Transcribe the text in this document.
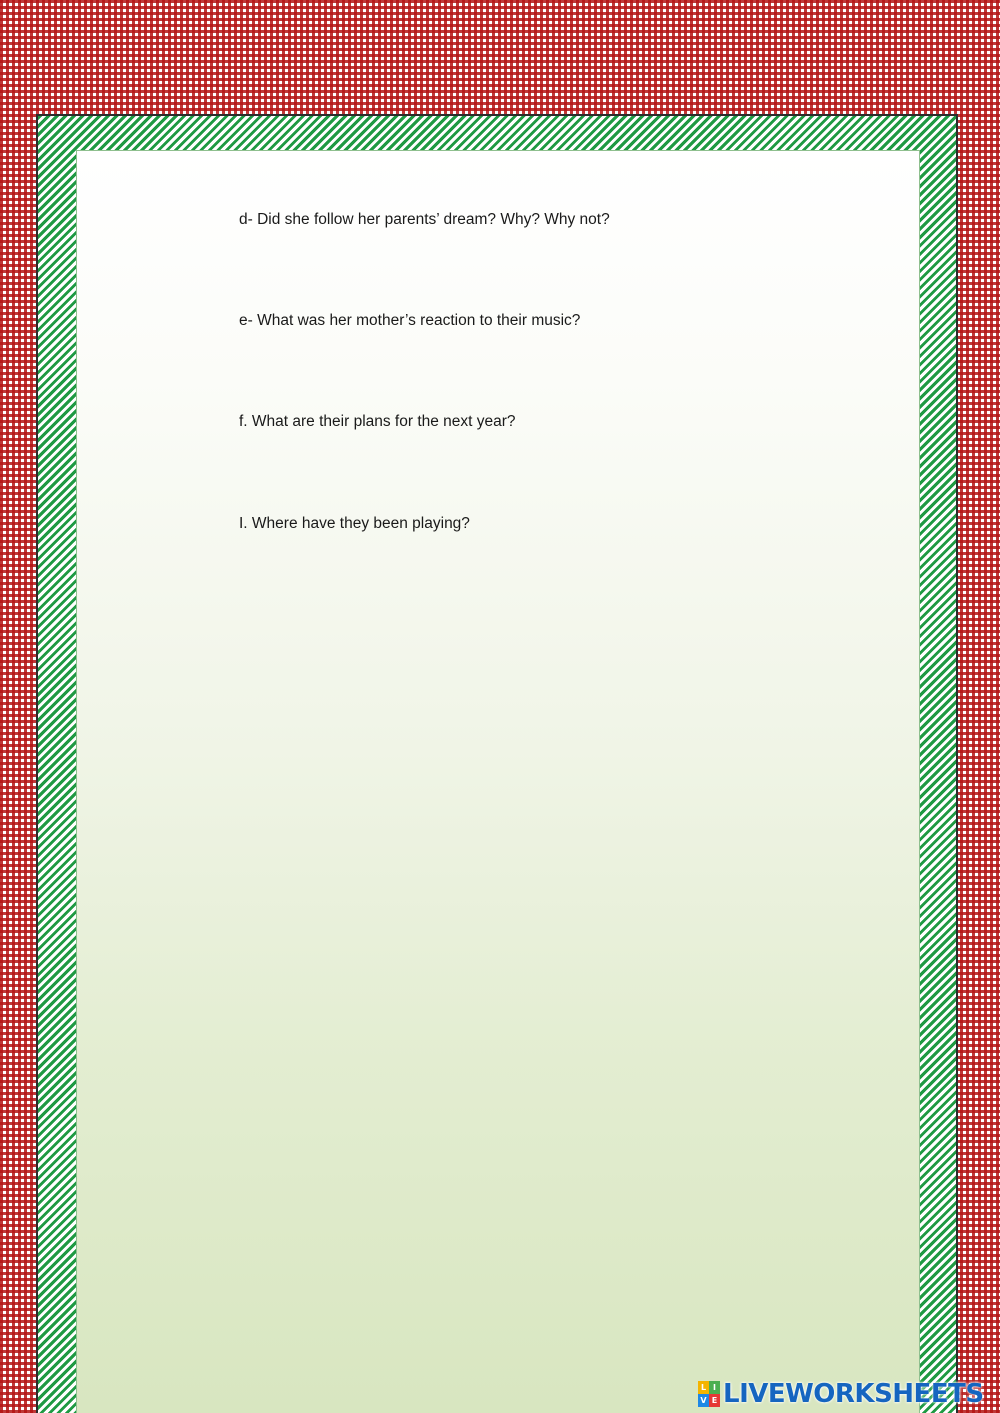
d- Did she follow her parents’ dream? Why? Why not?

e- What was her mother’s reaction to their music?

f. What are their plans for the next year?

I. Where have they been playing?

L I
V E LIVEWORKSHEETS
